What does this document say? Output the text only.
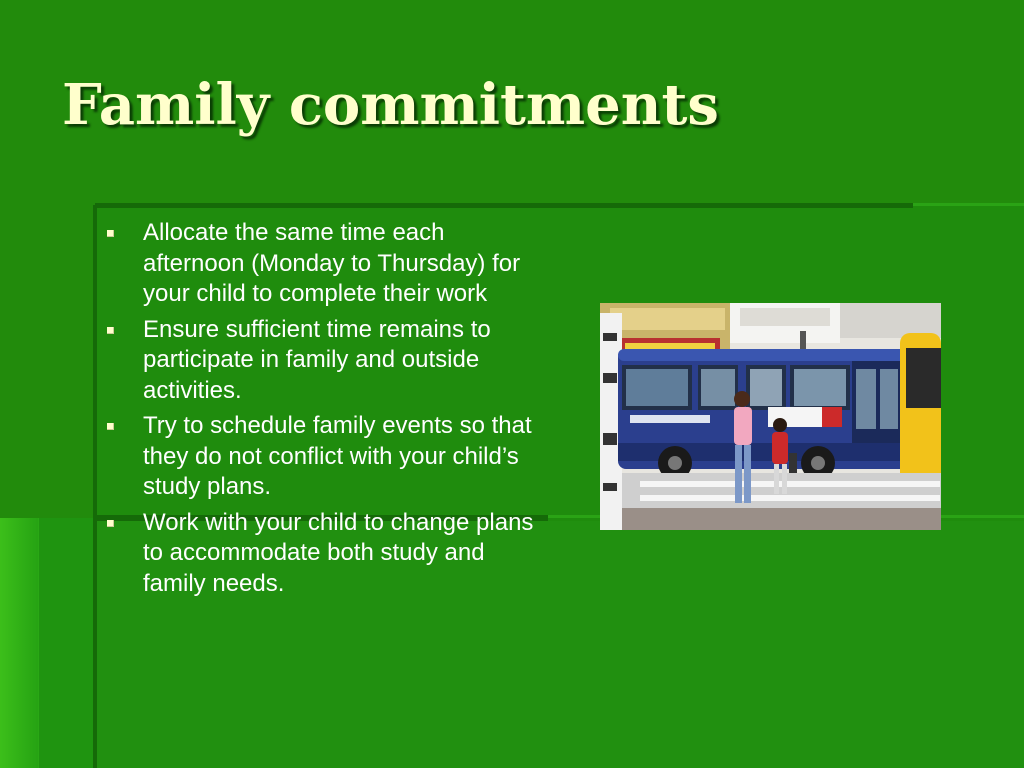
Family commitments
Allocate the same time each afternoon (Monday to Thursday) for your child to complete their work
Ensure sufficient time remains to participate in family and outside activities.
Try to schedule family events so that they do not conflict with your child’s study plans.
Work with your child to change plans to accommodate both study and family needs.
